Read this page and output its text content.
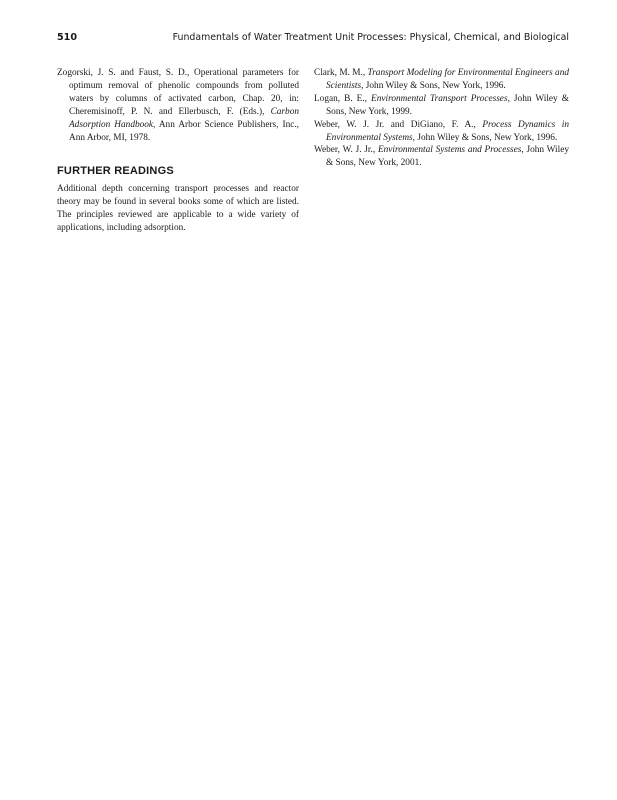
510	Fundamentals of Water Treatment Unit Processes: Physical, Chemical, and Biological

Zogorski, J. S. and Faust, S. D., Operational parameters for optimum removal of phenolic compounds from polluted waters by columns of activated carbon, Chap. 20, in: Cheremisinoff, P. N. and Ellerbusch, F. (Eds.), Carbon Adsorption Handbook, Ann Arbor Science Publishers, Inc., Ann Arbor, MI, 1978.

FURTHER READINGS

Additional depth concerning transport processes and reactor theory may be found in several books some of which are listed. The principles reviewed are applicable to a wide variety of applications, including adsorption.

Clark, M. M., Transport Modeling for Environmental Engineers and Scientists, John Wiley & Sons, New York, 1996.

Logan, B. E., Environmental Transport Processes, John Wiley & Sons, New York, 1999.

Weber, W. J. Jr. and DiGiano, F. A., Process Dynamics in Environmental Systems, John Wiley & Sons, New York, 1996.

Weber, W. J. Jr., Environmental Systems and Processes, John Wiley & Sons, New York, 2001.
